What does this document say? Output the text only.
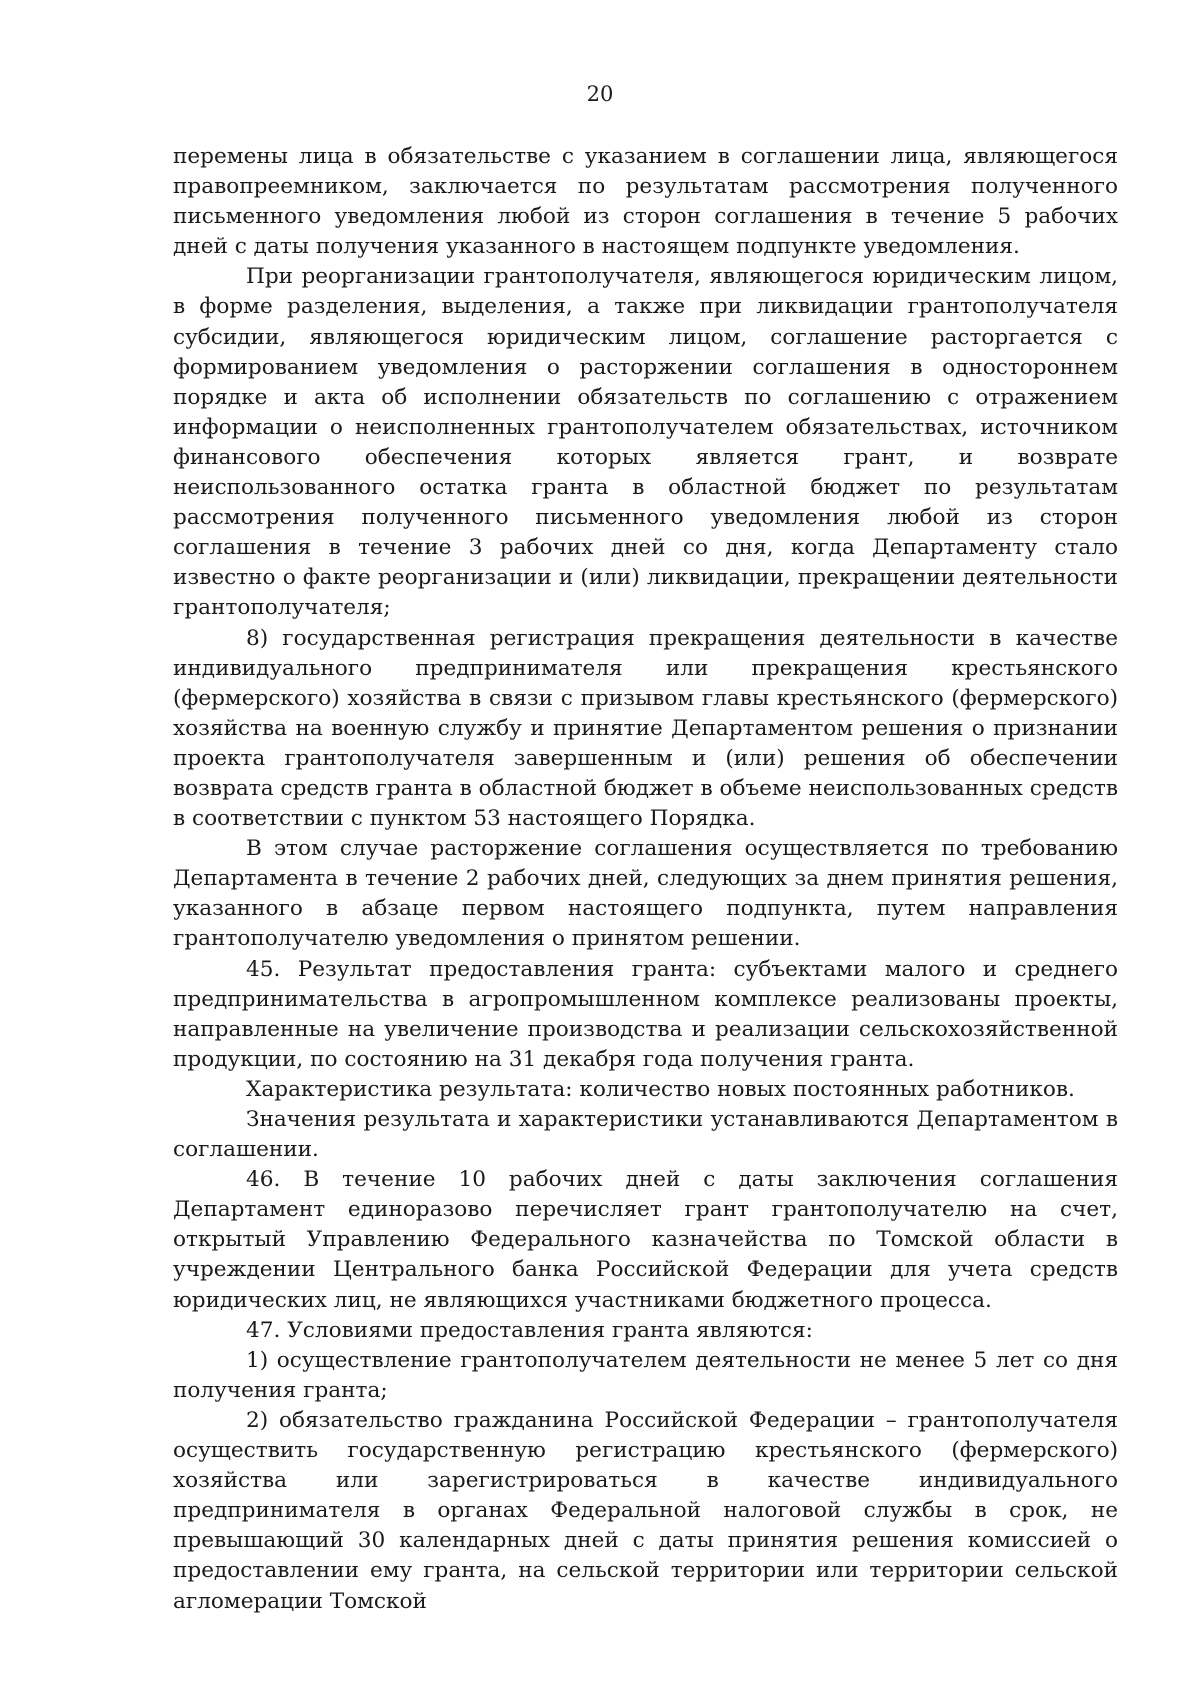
20

перемены лица в обязательстве с указанием в соглашении лица, являющегося правопреемником, заключается по результатам рассмотрения полученного письменного уведомления любой из сторон соглашения в течение 5 рабочих дней с даты получения указанного в настоящем подпункте уведомления.

При реорганизации грантополучателя, являющегося юридическим лицом, в форме разделения, выделения, а также при ликвидации грантополучателя субсидии, являющегося юридическим лицом, соглашение расторгается с формированием уведомления о расторжении соглашения в одностороннем порядке и акта об исполнении обязательств по соглашению с отражением информации о неисполненных грантополучателем обязательствах, источником финансового обеспечения которых является грант, и возврате неиспользованного остатка гранта в областной бюджет по результатам рассмотрения полученного письменного уведомления любой из сторон соглашения в течение 3 рабочих дней со дня, когда Департаменту стало известно о факте реорганизации и (или) ликвидации, прекращении деятельности грантополучателя;

8) государственная регистрация прекращения деятельности в качестве индивидуального предпринимателя или прекращения крестьянского (фермерского) хозяйства в связи с призывом главы крестьянского (фермерского) хозяйства на военную службу и принятие Департаментом решения о признании проекта грантополучателя завершенным и (или) решения об обеспечении возврата средств гранта в областной бюджет в объеме неиспользованных средств в соответствии с пунктом 53 настоящего Порядка.

В этом случае расторжение соглашения осуществляется по требованию Департамента в течение 2 рабочих дней, следующих за днем принятия решения, указанного в абзаце первом настоящего подпункта, путем направления грантополучателю уведомления о принятом решении.

45. Результат предоставления гранта: субъектами малого и среднего предпринимательства в агропромышленном комплексе реализованы проекты, направленные на увеличение производства и реализации сельскохозяйственной продукции, по состоянию на 31 декабря года получения гранта.

Характеристика результата: количество новых постоянных работников.

Значения результата и характеристики устанавливаются Департаментом в соглашении.

46. В течение 10 рабочих дней с даты заключения соглашения Департамент единоразово перечисляет грант грантополучателю на счет, открытый Управлению Федерального казначейства по Томской области в учреждении Центрального банка Российской Федерации для учета средств юридических лиц, не являющихся участниками бюджетного процесса.

47. Условиями предоставления гранта являются:

1) осуществление грантополучателем деятельности не менее 5 лет со дня получения гранта;

2) обязательство гражданина Российской Федерации – грантополучателя осуществить государственную регистрацию крестьянского (фермерского) хозяйства или зарегистрироваться в качестве индивидуального предпринимателя в органах Федеральной налоговой службы в срок, не превышающий 30 календарных дней с даты принятия решения комиссией о предоставлении ему гранта, на сельской территории или территории сельской агломерации Томской
